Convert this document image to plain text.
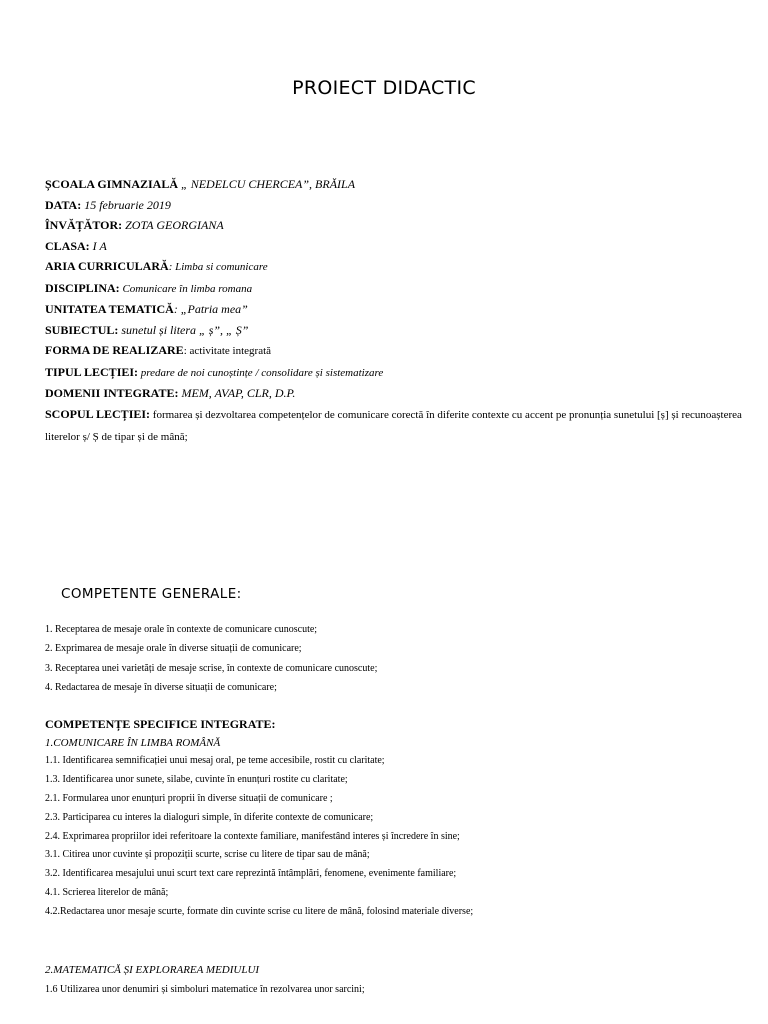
PROIECT DIDACTIC
ȘCOALA GIMNAZIALĂ „ NEDELCU CHERCEA”, BRĂILA
DATA: 15 februarie 2019
ÎNVĂȚĂTOR: ZOTA GEORGIANA
CLASA: I A
ARIA CURRICULARĂ: Limba si comunicare
DISCIPLINA: Comunicare în limba romana
UNITATEA TEMATICĂ: „Patria mea”
SUBIECTUL: sunetul și litera „ ș”, „ Ș”
FORMA DE REALIZARE: activitate integrată
TIPUL LECȚIEI: predare de noi cunoștințe / consolidare și sistematizare
DOMENII INTEGRATE: MEM, AVAP, CLR, D.P.
SCOPUL LECȚIEI: formarea și dezvoltarea competențelor de comunicare corectă în diferite contexte cu accent pe pronunția sunetului [ș] și recunoașterea literelor ș/ Ș de tipar și de mână;
COMPETENTE GENERALE:
1. Receptarea de mesaje orale în contexte de comunicare cunoscute;
2. Exprimarea de mesaje orale în diverse situații de comunicare;
3. Receptarea unei varietăți de mesaje scrise, în contexte de comunicare cunoscute;
4. Redactarea de mesaje în diverse situații de comunicare;
COMPETENȚE SPECIFICE INTEGRATE:
1.COMUNICARE ÎN LIMBA ROMÂNĂ
1.1. Identificarea semnificației unui mesaj oral, pe teme accesibile, rostit cu claritate;
1.3. Identificarea unor sunete, silabe, cuvinte în enunțuri rostite cu claritate;
2.1. Formularea unor enunțuri proprii în diverse situații de comunicare ;
2.3. Participarea cu interes la dialoguri simple, în diferite contexte de comunicare;
2.4. Exprimarea propriilor idei referitoare la contexte familiare, manifestând interes și încredere în sine;
3.1. Citirea unor cuvinte și propoziții scurte, scrise cu litere de tipar sau de mână;
3.2. Identificarea mesajului unui scurt text care reprezintă întâmplări, fenomene, evenimente familiare;
4.1. Scrierea literelor de mână;
4.2.Redactarea unor mesaje scurte, formate din cuvinte scrise cu litere de mână, folosind materiale diverse;
2.MATEMATICĂ ȘI EXPLORAREA MEDIULUI
1.6 Utilizarea unor denumiri și simboluri matematice în rezolvarea unor sarcini;
